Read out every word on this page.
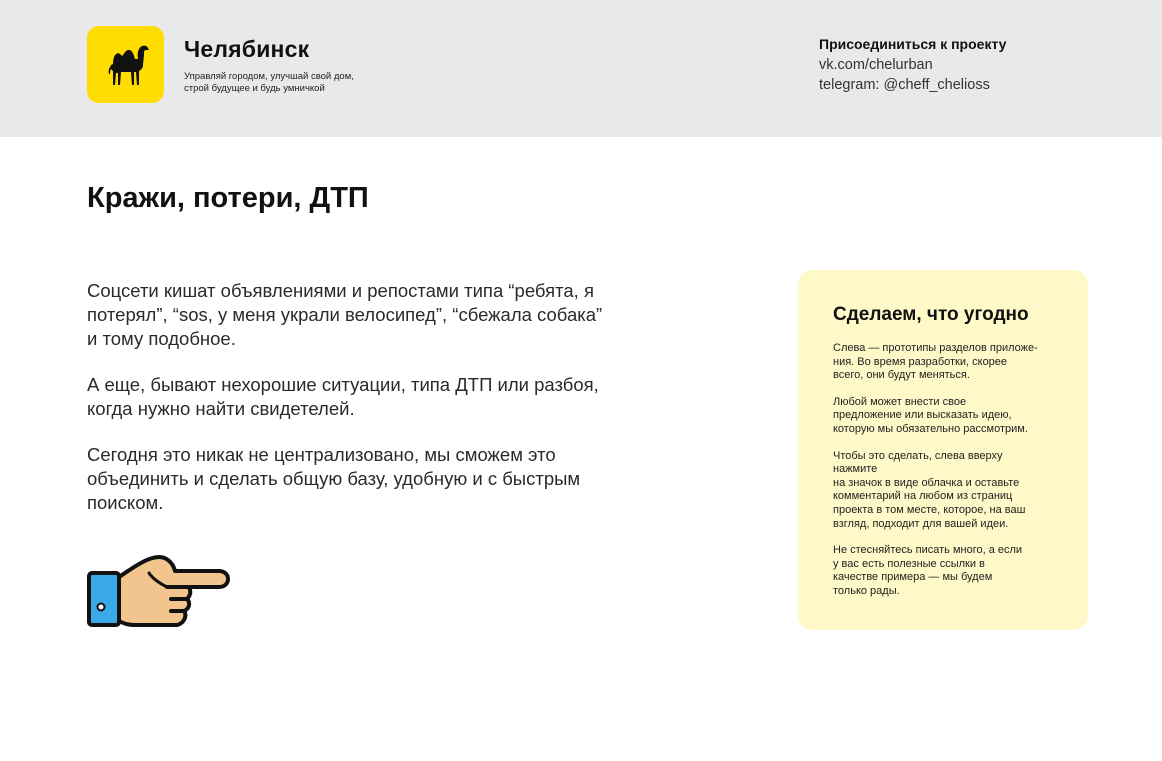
Челябинск
Управляй городом, улучшай свой дом,
строй будущее и будь умничкой
Присоединиться к проекту
vk.com/chelurban
telegram: @cheff_chelioss
Кражи, потери, ДТП

Соцсети кишат объявлениями и репостами типа “ребята, я
потерял”, “sos, у меня украли велосипед”, “сбежала собака”
и тому подобное.

А еще, бывают нехорошие ситуации, типа ДТП или разбоя,
когда нужно найти свидетелей.

Сегодня это никак не централизовано, мы сможем это
объединить и сделать общую базу, удобную и с быстрым
поиском.

Сделаем, что угодно

Слева — прототипы разделов приложе-
ния. Во время разработки, скорее
всего, они будут меняться.

Любой может внести свое
предложение или высказать идею,
которую мы обязательно рассмотрим.

Чтобы это сделать, слева вверху
нажмите
на значок в виде облачка и оставьте
комментарий на любом из страниц
проекта в том месте, которое, на ваш
взгляд, подходит для вашей идеи.

Не стесняйтесь писать много, а если
у вас есть полезные ссылки в
качестве примера — мы будем
только рады.
